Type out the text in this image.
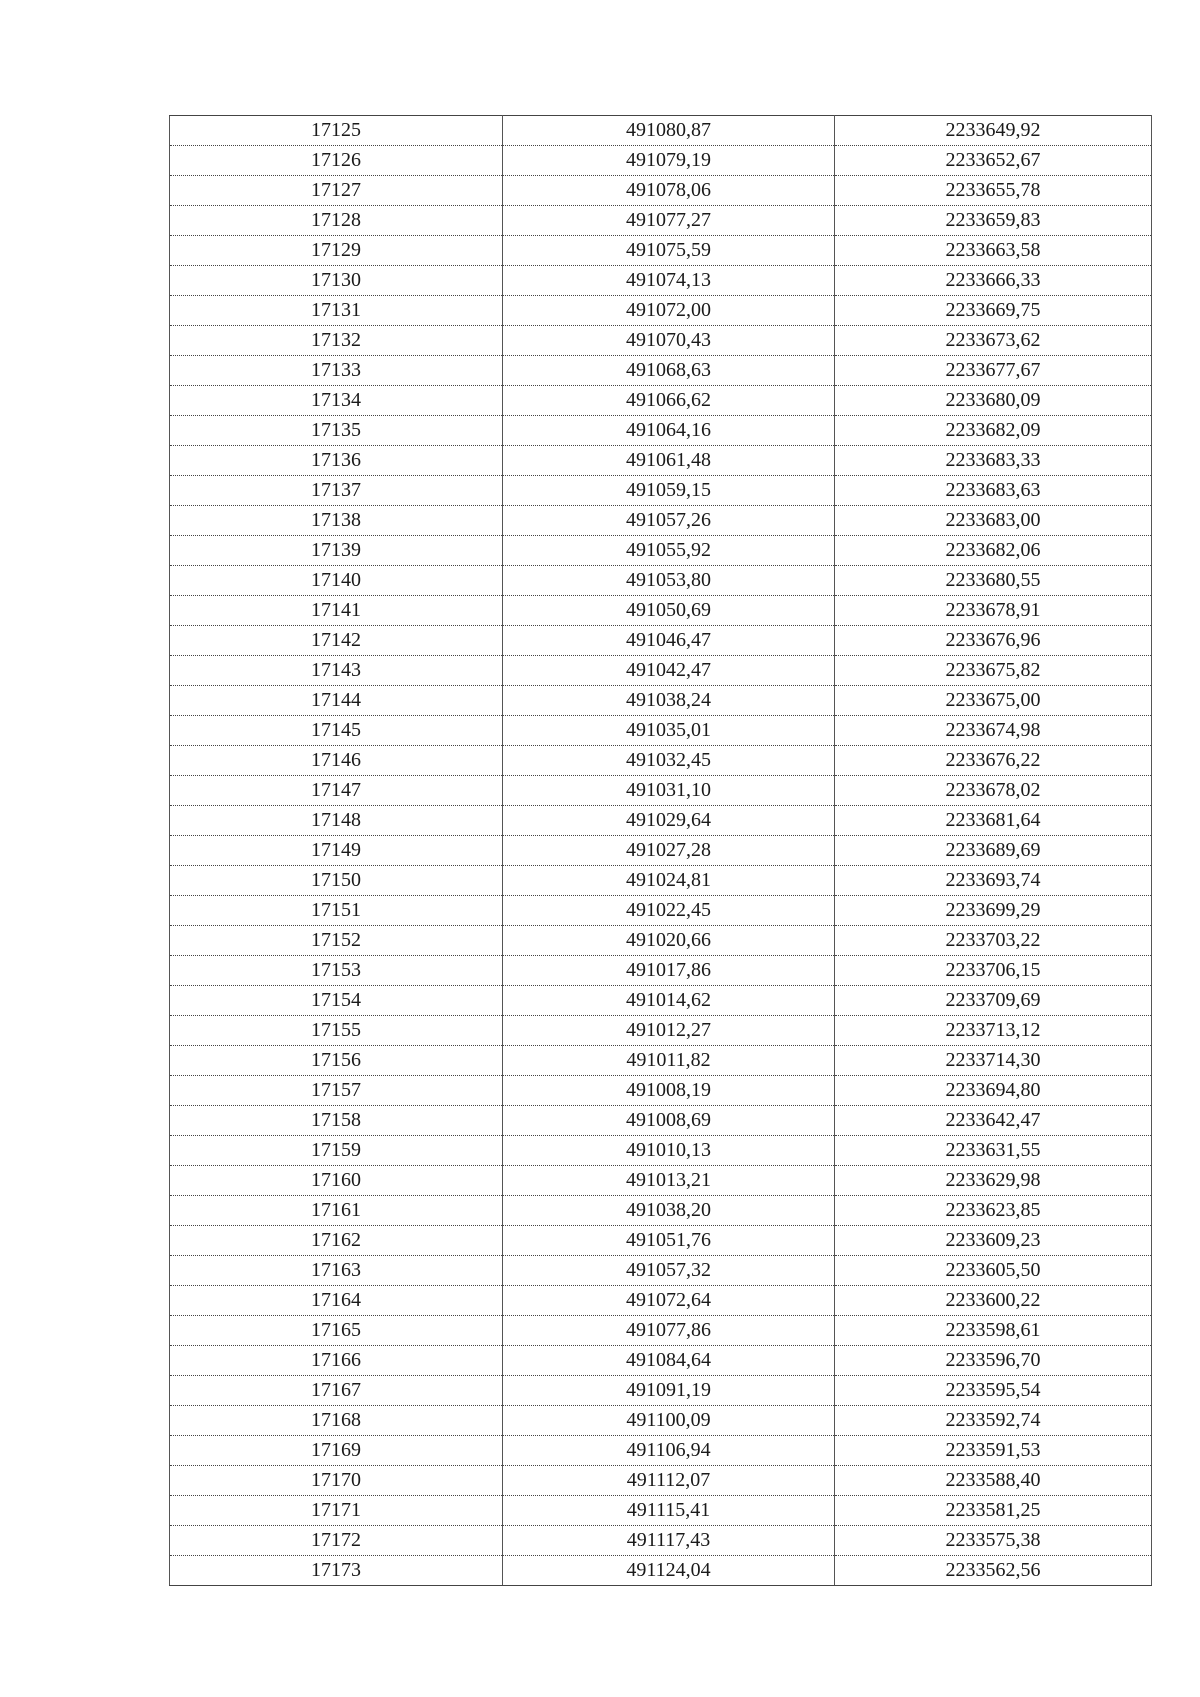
17125	491080,87	2233649,92
17126	491079,19	2233652,67
17127	491078,06	2233655,78
17128	491077,27	2233659,83
17129	491075,59	2233663,58
17130	491074,13	2233666,33
17131	491072,00	2233669,75
17132	491070,43	2233673,62
17133	491068,63	2233677,67
17134	491066,62	2233680,09
17135	491064,16	2233682,09
17136	491061,48	2233683,33
17137	491059,15	2233683,63
17138	491057,26	2233683,00
17139	491055,92	2233682,06
17140	491053,80	2233680,55
17141	491050,69	2233678,91
17142	491046,47	2233676,96
17143	491042,47	2233675,82
17144	491038,24	2233675,00
17145	491035,01	2233674,98
17146	491032,45	2233676,22
17147	491031,10	2233678,02
17148	491029,64	2233681,64
17149	491027,28	2233689,69
17150	491024,81	2233693,74
17151	491022,45	2233699,29
17152	491020,66	2233703,22
17153	491017,86	2233706,15
17154	491014,62	2233709,69
17155	491012,27	2233713,12
17156	491011,82	2233714,30
17157	491008,19	2233694,80
17158	491008,69	2233642,47
17159	491010,13	2233631,55
17160	491013,21	2233629,98
17161	491038,20	2233623,85
17162	491051,76	2233609,23
17163	491057,32	2233605,50
17164	491072,64	2233600,22
17165	491077,86	2233598,61
17166	491084,64	2233596,70
17167	491091,19	2233595,54
17168	491100,09	2233592,74
17169	491106,94	2233591,53
17170	491112,07	2233588,40
17171	491115,41	2233581,25
17172	491117,43	2233575,38
17173	491124,04	2233562,56
